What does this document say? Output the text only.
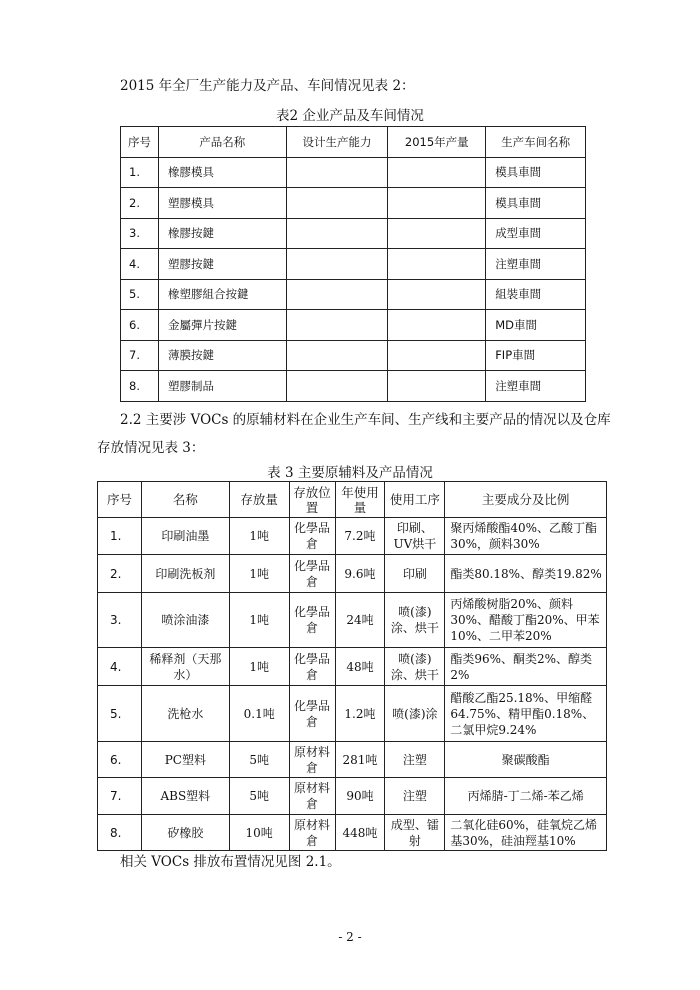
2015 年全厂生产能力及产品、车间情况见表 2：
表2 企业产品及车间情况
序号	产品名称	设计生产能力	2015年产量	生产车间名称
1.	橡膠模具			模具車間
2.	塑膠模具			模具車間
3.	橡膠按鍵			成型車間
4.	塑膠按鍵			注塑車間
5.	橡塑膠組合按鍵			組裝車間
6.	金屬彈片按鍵			MD車間
7.	薄膜按鍵			FIP車間
8.	塑膠制品			注塑車間
2.2 主要涉 VOCs 的原辅材料在企业生产车间、生产线和主要产品的情况以及仓库
存放情况见表 3：
表 3 主要原辅料及产品情况
序号	名称	存放量	存放位置	年使用量	使用工序	主要成分及比例
1.	印刷油墨	1吨	化學品倉	7.2吨	印刷、UV烘干	聚丙烯酸酯40%、乙酸丁酯30%，颜料30%
2.	印刷洗板剂	1吨	化學品倉	9.6吨	印刷	酯类80.18%、醇类19.82%
3.	喷涂油漆	1吨	化學品倉	24吨	喷(漆)涂、烘干	丙烯酸树脂20%、颜料30%、醋酸丁酯20%、甲苯10%、二甲苯20%
4.	稀释剂（天那水）	1吨	化學品倉	48吨	喷(漆)涂、烘干	酯类96%、酮类2%、醇类2%
5.	洗枪水	0.1吨	化學品倉	1.2吨	喷(漆)涂	醋酸乙酯25.18%、甲缩醛64.75%、精甲酯0.18%、二氯甲烷9.24%
6.	PC塑料	5吨	原材料倉	281吨	注塑	聚碳酸酯
7.	ABS塑料	5吨	原材料倉	90吨	注塑	丙烯腈-丁二烯-苯乙烯
8.	矽橡胶	10吨	原材料倉	448吨	成型、镭射	二氧化硅60%，硅氧烷乙烯基30%，硅油羥基10%
相关 VOCs 排放布置情况见图 2.1。
- 2 -
